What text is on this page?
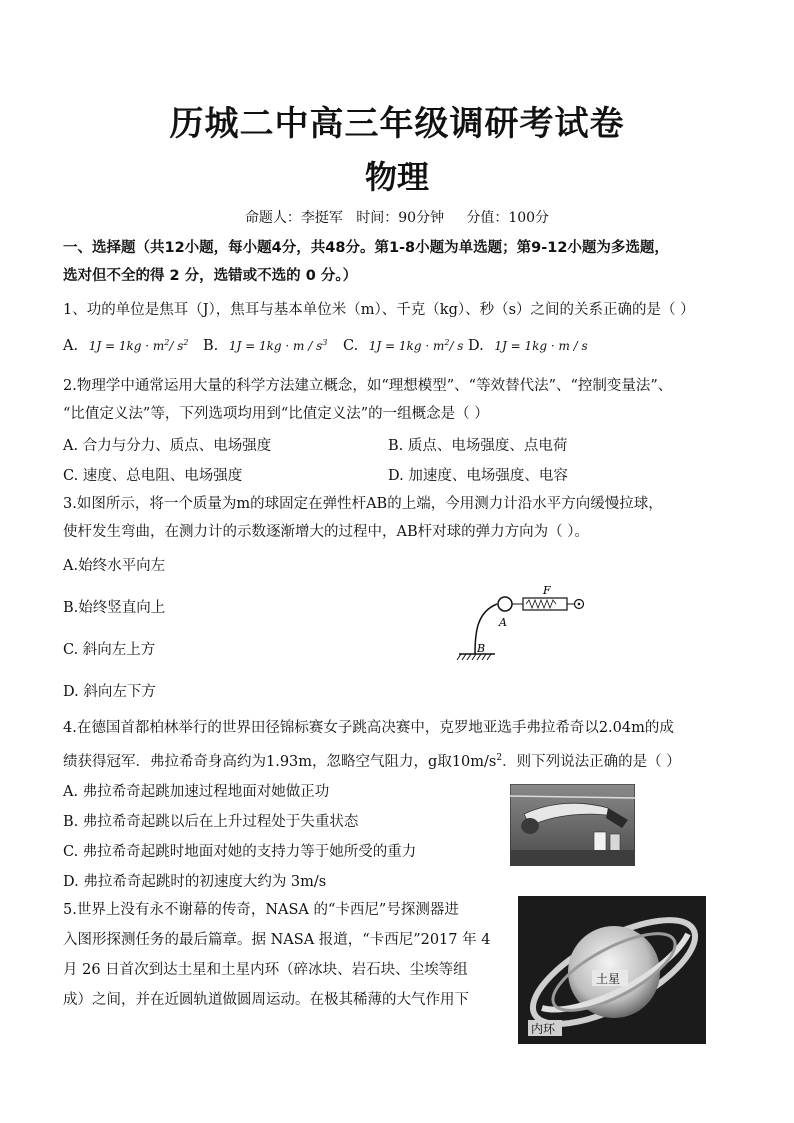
历城二中高三年级调研考试卷
物理
命题人：李挺军   时间：90分钟     分值：100分
一、选择题（共12小题，每小题4分，共48分。第1-8小题为单选题；第9-12小题为多选题，
选对但不全的得 2 分，选错或不选的 0 分。）
1、功的单位是焦耳（J），焦耳与基本单位米（m）、千克（kg）、秒（s）之间的关系正确的是（ ）
A. $1J = 1kg \cdot m^2/$ $s^2$ B. $1J = 1kg \cdot m / s^3$ C. $1J = 1kg \cdot m^2/$ s D. 1J = 1kg · m / s
2.物理学中通常运用大量的科学方法建立概念，如“理想模型”、“等效替代法”、“控制变量法”、
“比值定义法”等，下列选项均用到“比值定义法”的一组概念是（ ）
A. 合力与分力、质点、电场强度	B. 质点、电场强度、点电荷
C. 速度、总电阻、电场强度	D. 加速度、电场强度、电容
3.如图所示，将一个质量为m的球固定在弹性杆AB的上端，今用测力计沿水平方向缓慢拉球，
使杆发生弯曲，在测力计的示数逐渐增大的过程中，AB杆对球的弹力方向为（ ）。
A.始终水平向左
B.始终竖直向上
C. 斜向左上方
D. 斜向左下方
F
A
B
4.在德国首都柏林举行的世界田径锦标赛女子跳高决赛中，克罗地亚选手弗拉希奇以2.04m的成
绩获得冠军．弗拉希奇身高约为1.93m，忽略空气阻力，g取$10m/s^2$．则下列说法正确的是（ ）
A. 弗拉希奇起跳加速过程地面对她做正功
B. 弗拉希奇起跳以后在上升过程处于失重状态
C. 弗拉希奇起跳时地面对她的支持力等于她所受的重力
D. 弗拉希奇起跳时的初速度大约为 3m/s
5.世界上没有永不谢幕的传奇，NASA 的“卡西尼”号探测器进
入图形探测任务的最后篇章。据 NASA 报道，“卡西尼”2017 年 4
月 26 日首次到达土星和土星内环（碎冰块、岩石块、尘埃等组
成）之间，并在近圆轨道做圆周运动。在极其稀薄的大气作用下
土星
内环
